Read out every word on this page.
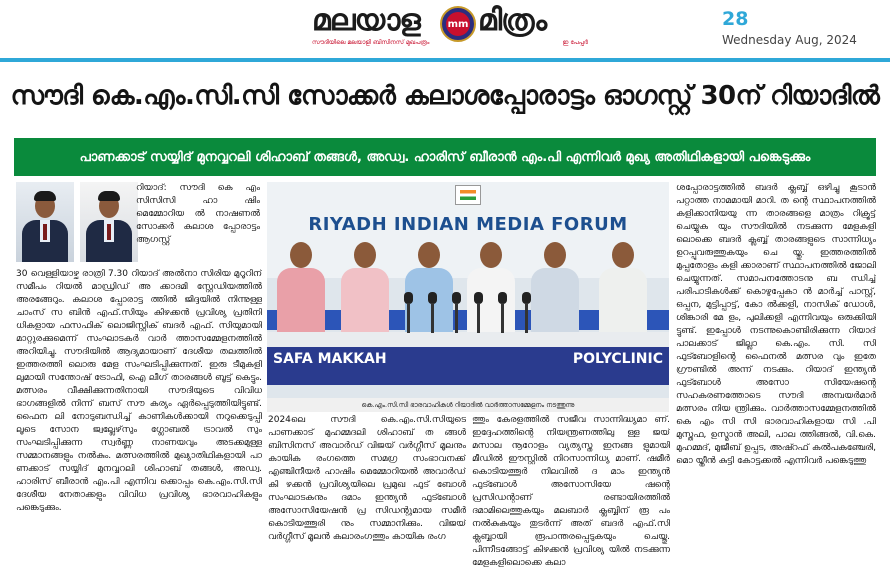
മലയാള
സൗദിയിലെ മലയാളി ബിസിനസ് മുഖപത്രം
mm മിത്രം
ഇ പേപ്പർ
28
Wednesday Aug, 2024
സൗദി കെ.എം.സി.സി സോക്കർ കലാശപ്പോരാട്ടം ഓഗസ്റ്റ് 30ന് റിയാദിൽ
പാണക്കാട് സയ്യിദ് മുനവ്വറലി ശിഹാബ് തങ്ങൾ, അഡ്വ. ഹാരിസ് ബീരാൻ എം.പി എന്നിവർ മുഖ്യ അതിഥികളായി പങ്കെടുക്കും
റിയാദ്: സൗദി കെ എം സിസിസി ഹാ ഷിം മെമ്മോറിയ ൽ നാഷണൽ സോക്കർ കലാശ പ്പോരാട്ടം ആഗസ്റ്റ്
RIYADH INDIAN MEDIA FORUM
SAFA MAKKAH	POLYCLINIC
കെ.എം.സി.സി ഭാരവാഹികൾ റിയാദിൽ വാർത്താസമ്മേളനം നടത്തുന്നു
30 വെള്ളിയാഴ്ച രാത്രി 7.30 റിയാദ് അൽനാ സിരിയ മുറൂറിന് സമീപം റിയൽ മാഡ്രിഡ് അ ക്കാദമി സ്റ്റേഡിയത്തിൽ അരങ്ങേറും. കലാശ പ്പോരാട്ട ത്തിൽ ജിദ്ദയിൽ നിന്നുള്ള ചാംസ് സ ബിൻ എഫ്.സിയും കിഴക്കൻ പ്രവിശ്യ പ്രതിനി ധികളായ ഫസഫിക് ലൊജിസ്റ്റിക് ബദർ എഫ്. സിയുമായി മാറ്റുരക്കുമെന്ന് സംഘാടകർ വാർ ത്താസമ്മേളനത്തിൽ അറിയിച്ചു. സൗദിയിൽ ആദ്യമായാണ് ദേശീയ തലത്തിൽ ഇത്തരത്തി ലൊരു മേള സംഘടിപ്പിക്കുന്നത്. ഇരു ടീമുകളി ലുമായി സന്തോഷ് ട്രോഫി, ഐ ലീഗ് താരങ്ങൾ ബൂട്ട് കെട്ടും. മത്സരം വീക്ഷിക്കുന്നതിനായി സൗദിയുടെ വിവിധ ഭാഗങ്ങളിൽ നിന്ന് ബസ് സൗ കര്യം ഏർപ്പെടുത്തിയിട്ടുണ്ട്. ഫൈന ലി നോടുബന്ധിച്ച് കാണികൾക്കായി നറുക്കെടുപ്പി ലൂടെ സോന ജ്വല്ലേഴ്‌സും ഗ്ലോബൽ ട്രാവൽ സും സംഘടിപ്പിക്കുന്ന സ്വർണ്ണ നാണയവും അടക്കമുള്ള സമ്മാനങ്ങളും നൽകും. മത്സരത്തിൽ മുഖ്യാതിഥികളായി പാ ണക്കാട് സയ്യിദ് മുനവ്വറലി ശിഹാബ് തങ്ങൾ, അഡ്വ. ഹാരിസ് ബീരാൻ എം.പി എന്നിവ ക്കൊപ്പം കെ.എം.സി.സി ദേശീയ നേതാക്കളും വിവിധ പ്രവിശ്യ ഭാരവാഹികളും പങ്കെടുക്കും.
2024ലെ സൗദി കെ.എം.സി.സിയുടെ പാണക്കാട് മുഹമ്മദലി ശിഹാബ് ത ങ്ങൾ ബിസിനസ് അവാർഡ് വിജയ് വർഗ്ഗീസ് മൂലനും കായിക രംഗത്തെ സമഗ്ര സംഭാവനക്ക് എഞ്ചിനീയർ ഹാഷിം മെമ്മോറിയൽ അവാർഡ് കി ഴക്കൻ പ്രവിശ്യയിലെ പ്രമുഖ ഫുട് ബോൾ സംഘാടകനും ദമാം ഇന്ത്യൻ ഫുട്ബോൾ അസോസിയേഷൻ പ്ര സിഡന്റുമായ സമീർ കൊടിയത്തൂരി നും സമ്മാനിക്കും. വിജയ് വർഗ്ഗീസ് മൂലൻ കലാരംഗത്തും കായിക രംഗ
ത്തും കേരളത്തിൽ സജീവ സാന്നിദ്ധ്യമാ ണ്. ഇദ്ദേഹത്തിന്റെ നിയന്ത്രണത്തിലു ള്ള ജയ് മസാല നൂറോളം വ്യത്യസ്ത ഇനങ്ങ ളുമായി മീഡിൽ ഈസ്റ്റിൽ നിറസാന്നിധ്യ മാണ്. ഷമീർ കൊടിയത്തൂർ നിലവിൽ ദ മാം ഇന്ത്യൻ ഫുട്ബോൾ അസോസിയേ ഷന്റെ പ്രസിഡന്റാണ് രണ്ടായിരത്തിൽ ദമാമിലെത്തുകയും മലബാർ ക്ലബ്ബിന് രൂ പം നൽകുകയും തുടർന്ന് അത് ബദർ എഫ്.സി ക്ലബ്ബായി രൂപാന്തരപ്പെടുകയും ചെയ്തു. പിന്നീടങ്ങോട്ട് കിഴക്കൻ പ്രവിശ്യ യിൽ നടക്കുന്ന മേളകളിലൊക്കെ കലാ
ശപ്പോരാട്ടത്തിൽ ബദർ ക്ലബ്ബ് ഒഴിച്ചു കൂടാൻ പറ്റാത്ത നാമമായി മാറി. ത ന്റെ സ്ഥാപനത്തിൽ കളിക്കാനിയയു ന്ന താരങ്ങളെ മാത്രം റിക്രൂട്ട് ചെയ്യുക യും സൗദിയിൽ നടക്കുന്ന മേളകളി ലൊക്കെ ബദർ ക്ലബ്ബ് താരങ്ങളുടെ സാന്നിധ്യം ഉറപ്പുവരുത്തുകയും ചെ യ്തു. ഇത്തരത്തിൽ മുപ്പതോളം കളി ക്കാരാണ് സ്ഥാപനത്തിൽ ജോലി ചെയ്യുന്നത്. സമാപനത്തോടനു ബ ന്ധിച്ച് പരിപാടികൾക്ക് കൊഴുപ്പേകാ ൻ മാർച്ച് പാസ്റ്റ്, ഒപ്പന, മുട്ടിപ്പാട്ട്, കോ ൽക്കളി, നാസിക് ഡോൾ, ശിങ്കാരി മേ ളം, പുലിക്കളി എന്നിവയും ഒരുക്കിയി ട്ടുണ്ട്. ഇപ്പോൾ നടന്നുകൊണ്ടിരിക്കുന്ന റിയാദ് പാലക്കാട് ജില്ലാ കെ.എം. സി. സി ഫുട്ബോളിന്റെ ഫൈനൽ മത്സര വും ഇതേ ഗ്രൗണ്ടിൽ അന്ന് നടക്കും. റിയാദ് ഇന്ത്യൻ ഫുട്ബോൾ അസോ സിയേഷന്റെ സഹകരണത്തോടെ സൗദി അമ്പയർമാർ മത്സരം നിയ ന്ത്രിക്കും. വാർത്താസമ്മേളനത്തിൽ കെ എം സി സി ഭാരവാഹികളായ സി .പി മുസ്തഫ, ഉസ്മാൻ അലി, പാല ത്തിങ്ങൽ, വി.കെ. മുഹമ്മദ്, മുജീബ് ഉപ്പട, അഷ്റഫ് കൽപകഞ്ചേരി, മൊ യ്തീൻ കുട്ടി കോട്ടക്കൽ എന്നിവർ പങ്കെടുത്തു
